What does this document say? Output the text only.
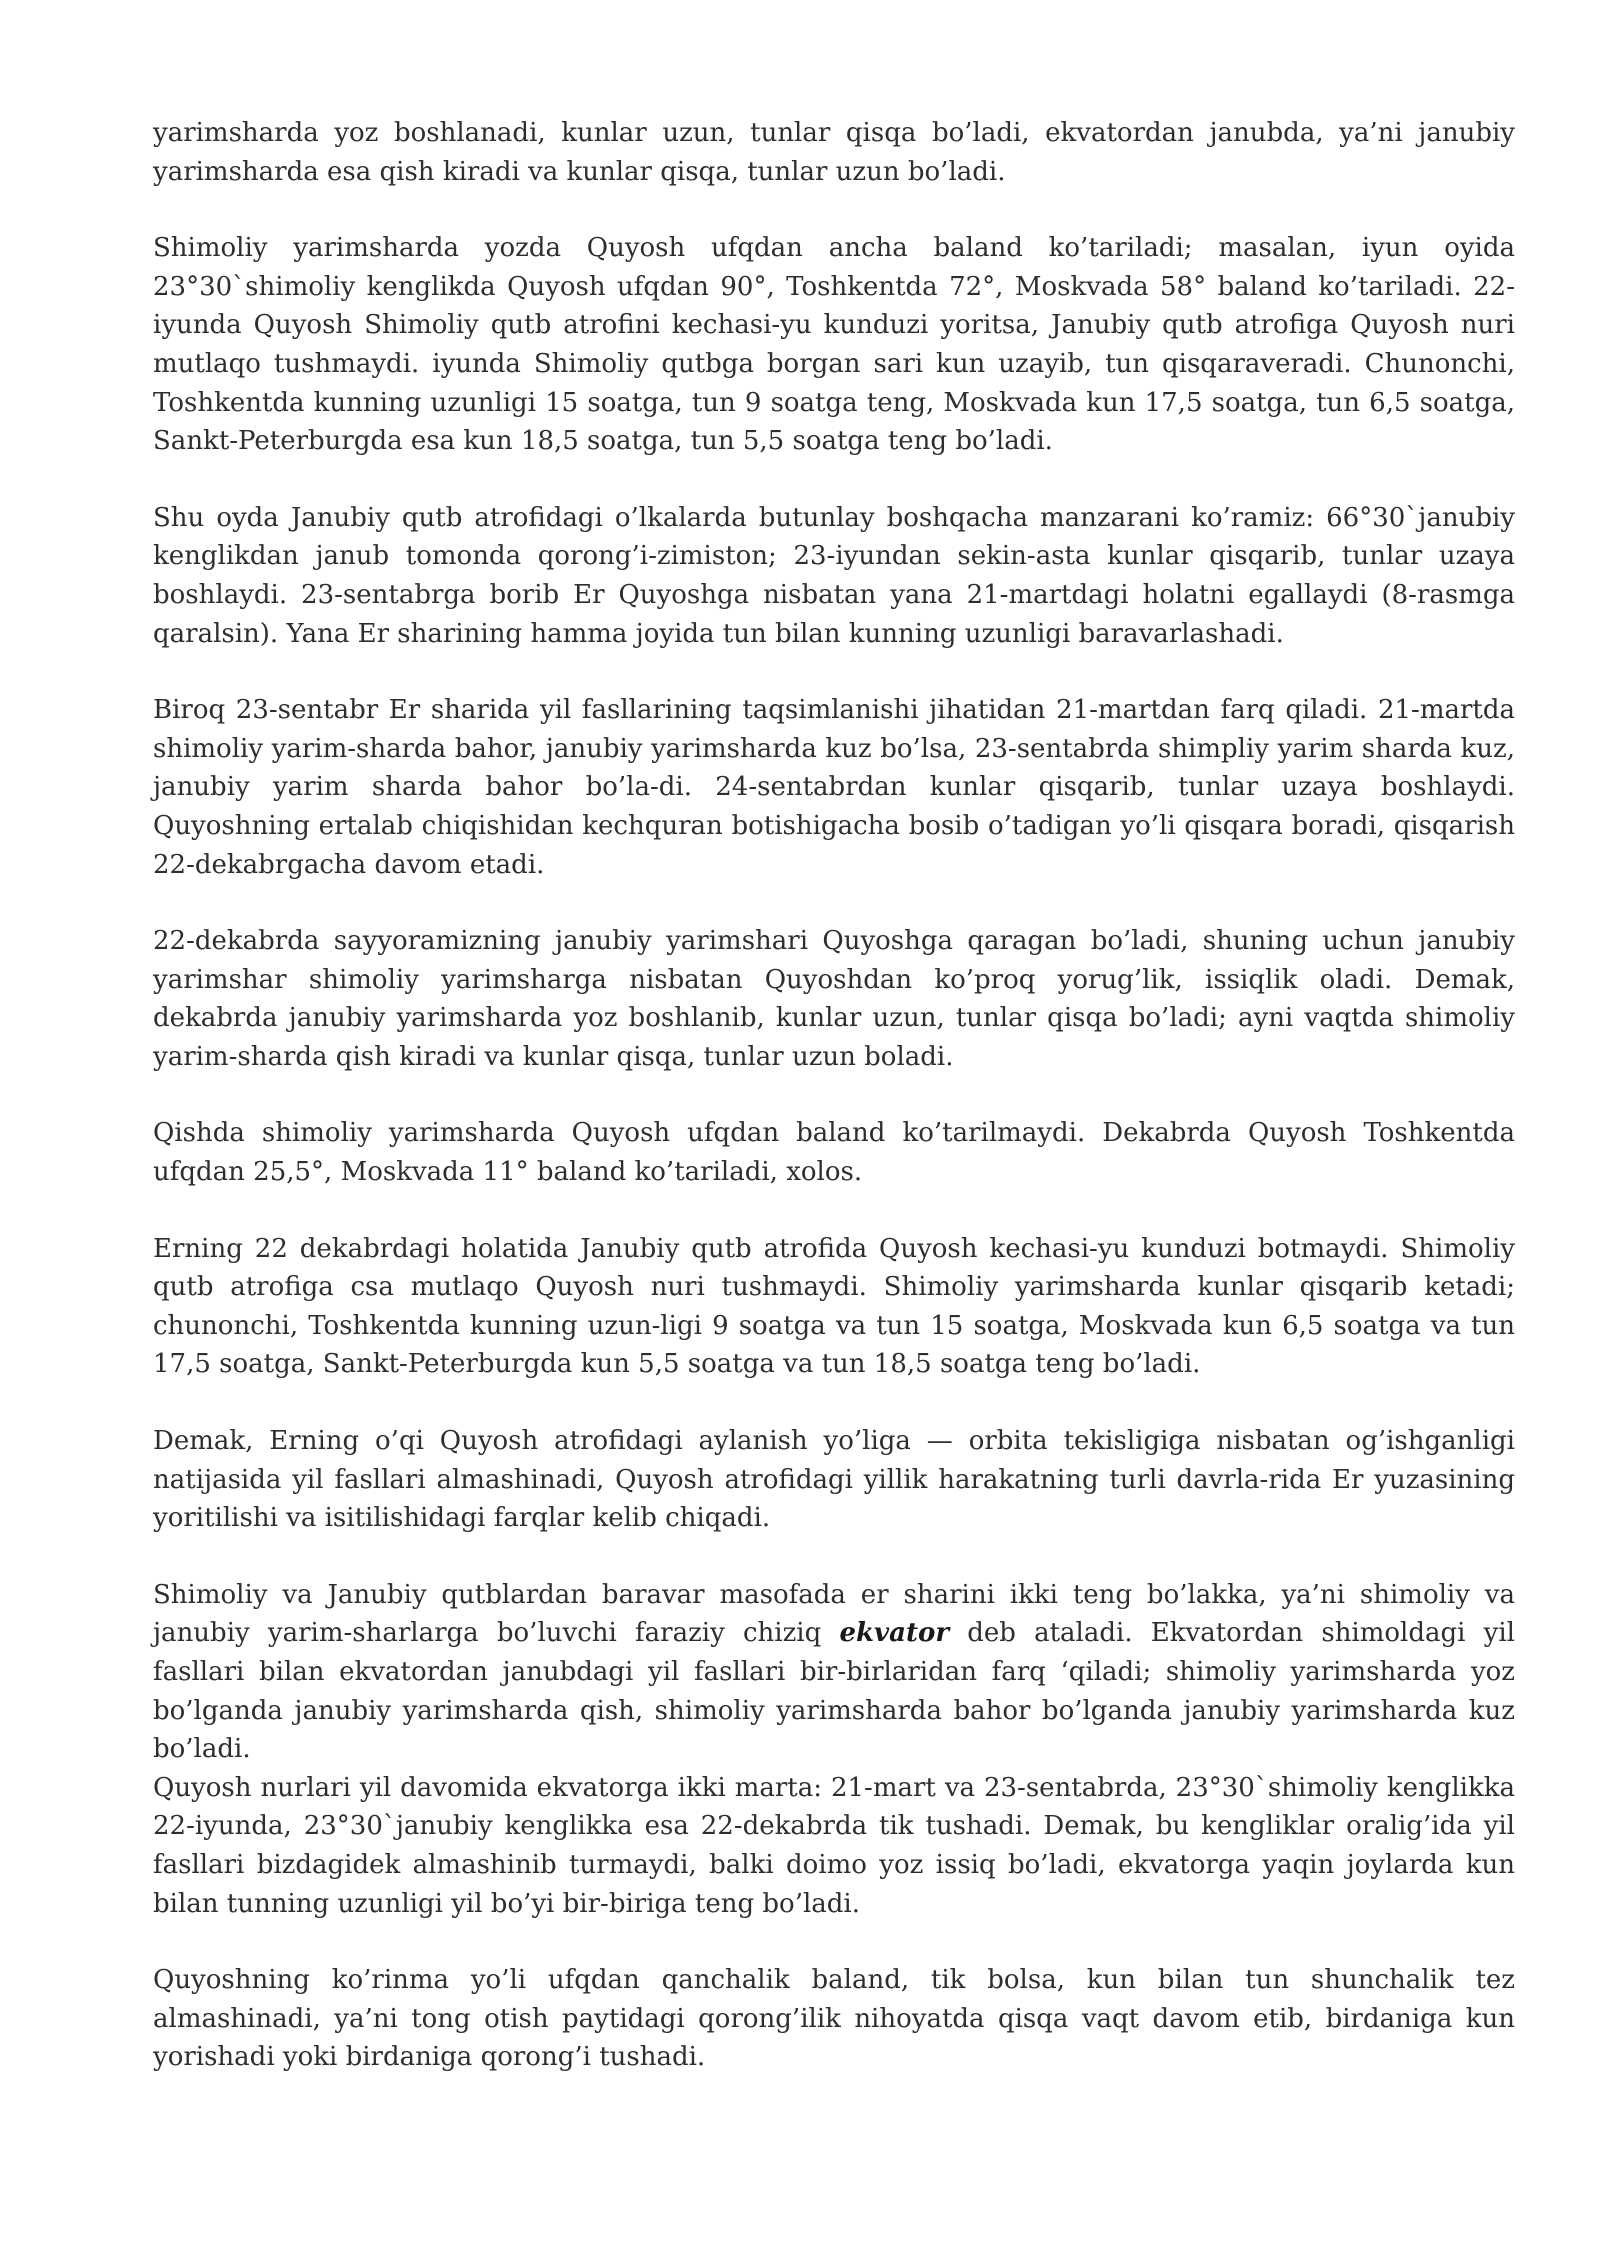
yarimsharda yoz boshlanadi, kunlar uzun, tunlar qisqa bo’ladi, ekvatordan janubda, ya’ni janubiy yarimsharda esa qish kiradi va kunlar qisqa, tunlar uzun bo’ladi.

Shimoliy yarimsharda yozda Quyosh ufqdan ancha baland ko’tariladi; masalan, iyun oyida 23°30`shimoliy kenglikda Quyosh ufqdan 90°, Toshkentda 72°, Moskvada 58° baland ko’tariladi. 22-iyunda Quyosh Shimoliy qutb atrofini kechasi-yu kunduzi yoritsa, Janubiy qutb atrofiga Quyosh nuri mutlaqo tushmaydi. iyunda Shimoliy qutbga borgan sari kun uzayib, tun qisqaraveradi. Chunonchi, Toshkentda kunning uzunligi 15 soatga, tun 9 soatga teng, Moskvada kun 17,5 soatga, tun 6,5 soatga, Sankt-Peterburgda esa kun 18,5 soatga, tun 5,5 soatga teng bo’ladi.

Shu oyda Janubiy qutb atrofidagi o’lkalarda butunlay boshqacha manzarani ko’ramiz: 66°30`janubiy kenglikdan janub tomonda qorong’i-zimiston; 23-iyundan sekin-asta kunlar qisqarib, tunlar uzaya boshlaydi. 23-sentabrga borib Er Quyoshga nisbatan yana 21-martdagi holatni egallaydi (8-rasmga qaralsin). Yana Er sharining hamma joyida tun bilan kunning uzunligi baravarlashadi.

Biroq 23-sentabr Er sharida yil fasllarining taqsimlanishi jihatidan 21-martdan farq qiladi. 21-martda shimoliy yarim-sharda bahor, janubiy yarimsharda kuz bo’lsa, 23-sentabrda shimpliy yarim sharda kuz, janubiy yarim sharda bahor bo’la-di. 24-sentabrdan kunlar qisqarib, tunlar uzaya boshlaydi. Quyoshning ertalab chiqishidan kechquran botishigacha bosib o’tadigan yo’li qisqara boradi, qisqarish 22-dekabrgacha davom etadi.

22-dekabrda sayyoramizning janubiy yarimshari Quyoshga qaragan bo’ladi, shuning uchun janubiy yarimshar shimoliy yarimsharga nisbatan Quyoshdan ko’proq yorug’lik, issiqlik oladi. Demak, dekabrda janubiy yarimsharda yoz boshlanib, kunlar uzun, tunlar qisqa bo’ladi; ayni vaqtda shimoliy yarim-sharda qish kiradi va kunlar qisqa, tunlar uzun boladi.

Qishda shimoliy yarimsharda Quyosh ufqdan baland ko’tarilmaydi. Dekabrda Quyosh Toshkentda ufqdan 25,5°, Moskvada 11° baland ko’tariladi, xolos.

Erning 22 dekabrdagi holatida Janubiy qutb atrofida Quyosh kechasi-yu kunduzi botmaydi. Shimoliy qutb atrofiga csa mutlaqo Quyosh nuri tushmaydi. Shimoliy yarimsharda kunlar qisqarib ketadi; chunonchi, Toshkentda kunning uzun-ligi 9 soatga va tun 15 soatga, Moskvada kun 6,5 soatga va tun 17,5 soatga, Sankt-Peterburgda kun 5,5 soatga va tun 18,5 soatga teng bo’ladi.

Demak, Erning o’qi Quyosh atrofidagi aylanish yo’liga — orbita tekisligiga nisbatan og’ishganligi natijasida yil fasllari almashinadi, Quyosh atrofidagi yillik harakatning turli davrla-rida Er yuzasining yoritilishi va isitilishidagi farqlar kelib chiqadi.

Shimoliy va Janubiy qutblardan baravar masofada er sharini ikki teng bo’lakka, ya’ni shimoliy va janubiy yarim-sharlarga bo’luvchi faraziy chiziq ekvator deb ataladi. Ekvatordan shimoldagi yil fasllari bilan ekvatordan janubdagi yil fasllari bir-birlaridan farq ‘qiladi; shimoliy yarimsharda yoz bo’lganda janubiy yarimsharda qish, shimoliy yarimsharda bahor bo’lganda janubiy yarimsharda kuz bo’ladi.

Quyosh nurlari yil davomida ekvatorga ikki marta: 21-mart va 23-sentabrda, 23°30`shimoliy kenglikka 22-iyunda, 23°30`janubiy kenglikka esa 22-dekabrda tik tushadi. Demak, bu kengliklar oralig’ida yil fasllari bizdagidek almashinib turmaydi, balki doimo yoz issiq bo’ladi, ekvatorga yaqin joylarda kun bilan tunning uzunligi yil bo’yi bir-biriga teng bo’ladi.

Quyoshning ko’rinma yo’li ufqdan qanchalik baland, tik bolsa, kun bilan tun shunchalik tez almashinadi, ya’ni tong otish paytidagi qorong’ilik nihoyatda qisqa vaqt davom etib, birdaniga kun yorishadi yoki birdaniga qorong’i tushadi.
